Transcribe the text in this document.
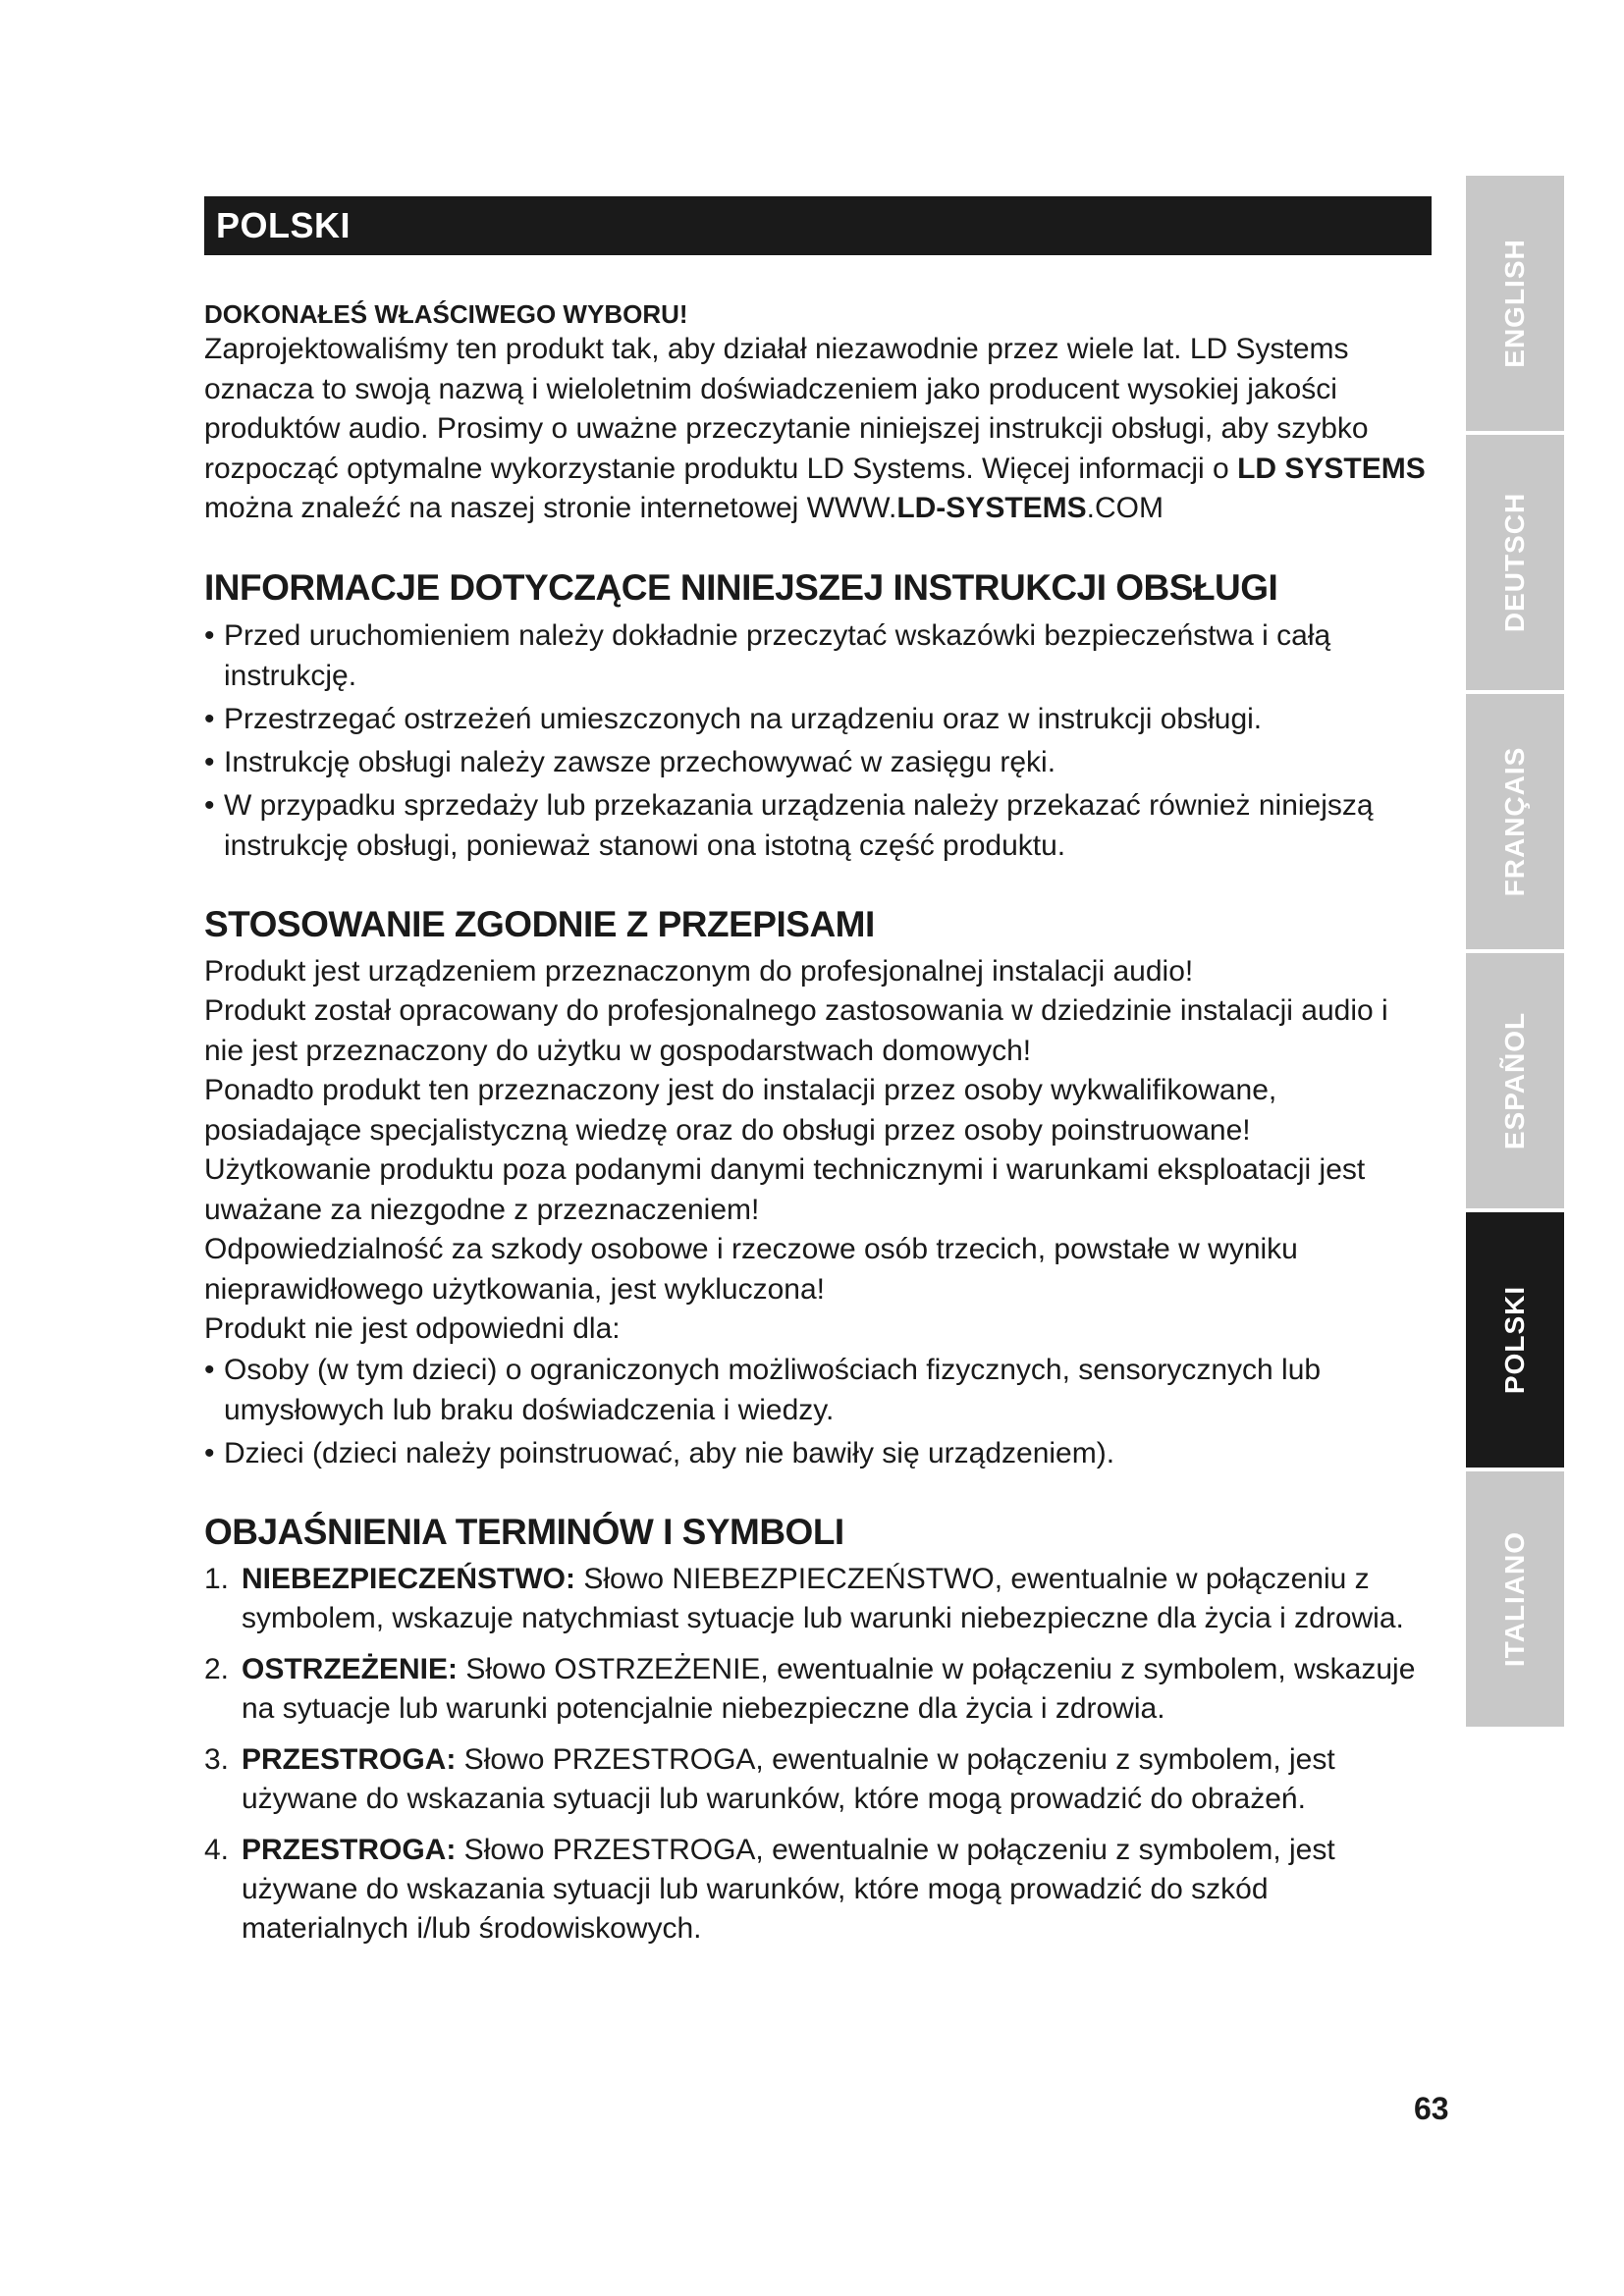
POLSKI
DOKONAŁEŚ WŁAŚCIWEGO WYBORU!

Zaprojektowaliśmy ten produkt tak, aby działał niezawodnie przez wiele lat. LD Systems oznacza to swoją nazwą i wieloletnim doświadczeniem jako producent wysokiej jakości produktów audio. Prosimy o uważne przeczytanie niniejszej instrukcji obsługi, aby szybko rozpocząć optymalne wykorzystanie produktu LD Systems. Więcej informacji o LD SYSTEMS można znaleźć na naszej stronie internetowej WWW.LD-SYSTEMS.COM

INFORMACJE DOTYCZĄCE NINIEJSZEJ INSTRUKCJI OBSŁUGI
• Przed uruchomieniem należy dokładnie przeczytać wskazówki bezpieczeństwa i całą instrukcję.
• Przestrzegać ostrzeżeń umieszczonych na urządzeniu oraz w instrukcji obsługi.
• Instrukcję obsługi należy zawsze przechowywać w zasięgu ręki.
• W przypadku sprzedaży lub przekazania urządzenia należy przekazać również niniejszą instrukcję obsługi, ponieważ stanowi ona istotną część produktu.
STOSOWANIE ZGODNIE Z PRZEPISAMI

Produkt jest urządzeniem przeznaczonym do profesjonalnej instalacji audio!

Produkt został opracowany do profesjonalnego zastosowania w dziedzinie instalacji audio i nie jest przeznaczony do użytku w gospodarstwach domowych!

Ponadto produkt ten przeznaczony jest do instalacji przez osoby wykwalifikowane, posiadające specjalistyczną wiedzę oraz do obsługi przez osoby poinstruowane!

Użytkowanie produktu poza podanymi danymi technicznymi i warunkami eksploatacji jest uważane za niezgodne z przeznaczeniem!

Odpowiedzialność za szkody osobowe i rzeczowe osób trzecich, powstałe w wyniku nieprawidłowego użytkowania, jest wykluczona!

Produkt nie jest odpowiedni dla:

• Osoby (w tym dzieci) o ograniczonych możliwościach fizycznych, sensorycznych lub umysłowych lub braku doświadczenia i wiedzy.
• Dzieci (dzieci należy poinstruować, aby nie bawiły się urządzeniem).
OBJAŚNIENIA TERMINÓW I SYMBOLI
1. NIEBEZPIECZEŃSTWO: Słowo NIEBEZPIECZEŃSTWO, ewentualnie w połączeniu z symbolem, wskazuje natychmiast sytuacje lub warunki niebezpieczne dla życia i zdrowia.
2. OSTRZEŻENIE: Słowo OSTRZEŻENIE, ewentualnie w połączeniu z symbolem, wskazuje na sytuacje lub warunki potencjalnie niebezpieczne dla życia i zdrowia.
3. PRZESTROGA: Słowo PRZESTROGA, ewentualnie w połączeniu z symbolem, jest używane do wskazania sytuacji lub warunków, które mogą prowadzić do obrażeń.
4. PRZESTROGA: Słowo PRZESTROGA, ewentualnie w połączeniu z symbolem, jest używane do wskazania sytuacji lub warunków, które mogą prowadzić do szkód materialnych i/lub środowiskowych.
ENGLISH
DEUTSCH
FRANÇAIS
ESPAÑOL
POLSKI
ITALIANO
63
